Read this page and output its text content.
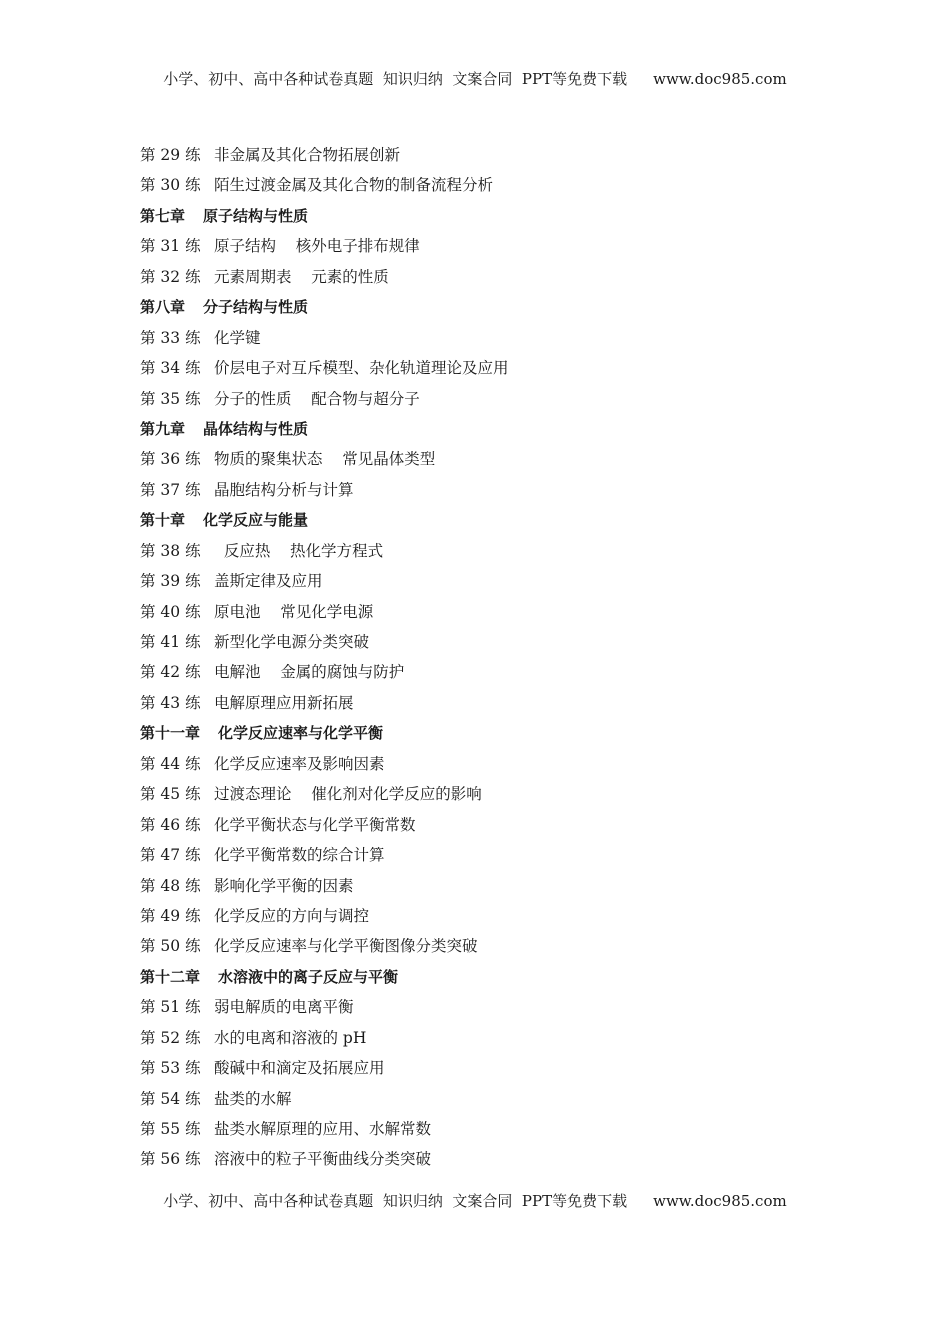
小学、初中、高中各种试卷真题  知识归纳  文案合同  PPT等免费下载 www.doc985.com
第 29 练 非金属及其化合物拓展创新
第 30 练 陌生过渡金属及其化合物的制备流程分析
第七章 原子结构与性质
第 31 练 原子结构    核外电子排布规律
第 32 练 元素周期表    元素的性质
第八章 分子结构与性质
第 33 练 化学键
第 34 练 价层电子对互斥模型、杂化轨道理论及应用
第 35 练 分子的性质    配合物与超分子
第九章 晶体结构与性质
第 36 练 物质的聚集状态    常见晶体类型
第 37 练 晶胞结构分析与计算
第十章 化学反应与能量
第 38 练  反应热    热化学方程式
第 39 练 盖斯定律及应用
第 40 练 原电池    常见化学电源
第 41 练 新型化学电源分类突破
第 42 练 电解池    金属的腐蚀与防护
第 43 练 电解原理应用新拓展
第十一章 化学反应速率与化学平衡
第 44 练 化学反应速率及影响因素
第 45 练 过渡态理论    催化剂对化学反应的影响
第 46 练 化学平衡状态与化学平衡常数
第 47 练 化学平衡常数的综合计算
第 48 练 影响化学平衡的因素
第 49 练 化学反应的方向与调控
第 50 练 化学反应速率与化学平衡图像分类突破
第十二章 水溶液中的离子反应与平衡
第 51 练 弱电解质的电离平衡
第 52 练 水的电离和溶液的 pH
第 53 练 酸碱中和滴定及拓展应用
第 54 练 盐类的水解
第 55 练 盐类水解原理的应用、水解常数
第 56 练 溶液中的粒子平衡曲线分类突破
小学、初中、高中各种试卷真题  知识归纳  文案合同  PPT等免费下载 www.doc985.com
